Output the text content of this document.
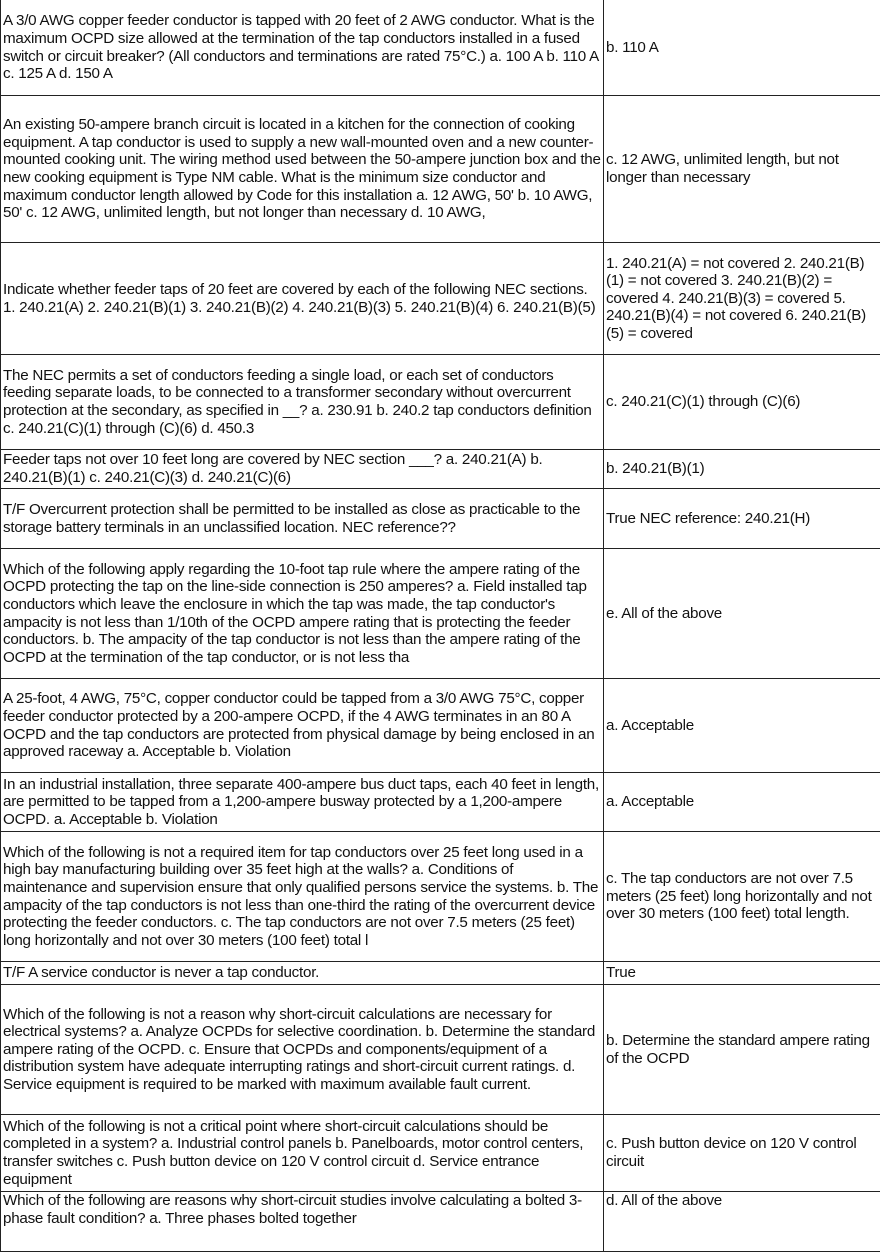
A 3/0 AWG copper feeder conductor is tapped with 20 feet of 2 AWG conductor. What is the maximum OCPD size allowed at the termination of the tap conductors installed in a fused switch or circuit breaker? (All conductors and terminations are rated 75°C.) a. 100 A b. 110 A c. 125 A d. 150 A	b. 110 A
An existing 50-ampere branch circuit is located in a kitchen for the connection of cooking equipment. A tap conductor is used to supply a new wall-mounted oven and a new counter-mounted cooking unit. The wiring method used between the 50-ampere junction box and the new cooking equipment is Type NM cable. What is the minimum size conductor and maximum conductor length allowed by Code for this installation a. 12 AWG, 50' b. 10 AWG, 50' c. 12 AWG, unlimited length, but not longer than necessary d. 10 AWG,	c. 12 AWG, unlimited length, but not longer than necessary
Indicate whether feeder taps of 20 feet are covered by each of the following NEC sections. 1. 240.21(A) 2. 240.21(B)(1) 3. 240.21(B)(2) 4. 240.21(B)(3) 5. 240.21(B)(4) 6. 240.21(B)(5)	1. 240.21(A) = not covered 2. 240.21(B)(1) = not covered 3. 240.21(B)(2) = covered 4. 240.21(B)(3) = covered 5. 240.21(B)(4) = not covered 6. 240.21(B)(5) = covered
The NEC permits a set of conductors feeding a single load, or each set of conductors feeding separate loads, to be connected to a transformer secondary without overcurrent protection at the secondary, as specified in __? a. 230.91 b. 240.2 tap conductors definition c. 240.21(C)(1) through (C)(6) d. 450.3	c. 240.21(C)(1) through (C)(6)
Feeder taps not over 10 feet long are covered by NEC section ___? a. 240.21(A) b. 240.21(B)(1) c. 240.21(C)(3) d. 240.21(C)(6)	b. 240.21(B)(1)
T/F Overcurrent protection shall be permitted to be installed as close as practicable to the storage battery terminals in an unclassified location. NEC reference??	True NEC reference: 240.21(H)
Which of the following apply regarding the 10-foot tap rule where the ampere rating of the OCPD protecting the tap on the line-side connection is 250 amperes? a. Field installed tap conductors which leave the enclosure in which the tap was made, the tap conductor's ampacity is not less than 1/10th of the OCPD ampere rating that is protecting the feeder conductors. b. The ampacity of the tap conductor is not less than the ampere rating of the OCPD at the termination of the tap conductor, or is not less tha	e. All of the above
A 25-foot, 4 AWG, 75°C, copper conductor could be tapped from a 3/0 AWG 75°C, copper feeder conductor protected by a 200-ampere OCPD, if the 4 AWG terminates in an 80 A OCPD and the tap conductors are protected from physical damage by being enclosed in an approved raceway a. Acceptable b. Violation	a. Acceptable
In an industrial installation, three separate 400-ampere bus duct taps, each 40 feet in length, are permitted to be tapped from a 1,200-ampere busway protected by a 1,200-ampere OCPD. a. Acceptable b. Violation	a. Acceptable
Which of the following is not a required item for tap conductors over 25 feet long used in a high bay manufacturing building over 35 feet high at the walls? a. Conditions of maintenance and supervision ensure that only qualified persons service the systems. b. The ampacity of the tap conductors is not less than one-third the rating of the overcurrent device protecting the feeder conductors. c. The tap conductors are not over 7.5 meters (25 feet) long horizontally and not over 30 meters (100 feet) total l	c. The tap conductors are not over 7.5 meters (25 feet) long horizontally and not over 30 meters (100 feet) total length.
T/F A service conductor is never a tap conductor.	True
Which of the following is not a reason why short-circuit calculations are necessary for electrical systems? a. Analyze OCPDs for selective coordination. b. Determine the standard ampere rating of the OCPD. c. Ensure that OCPDs and components/equipment of a distribution system have adequate interrupting ratings and short-circuit current ratings. d. Service equipment is required to be marked with maximum available fault current.	b. Determine the standard ampere rating of the OCPD
Which of the following is not a critical point where short-circuit calculations should be completed in a system? a. Industrial control panels b. Panelboards, motor control centers, transfer switches c. Push button device on 120 V control circuit d. Service entrance equipment	c. Push button device on 120 V control circuit
Which of the following are reasons why short-circuit studies involve calculating a bolted 3-phase fault condition? a. Three phases bolted together	d. All of the above
